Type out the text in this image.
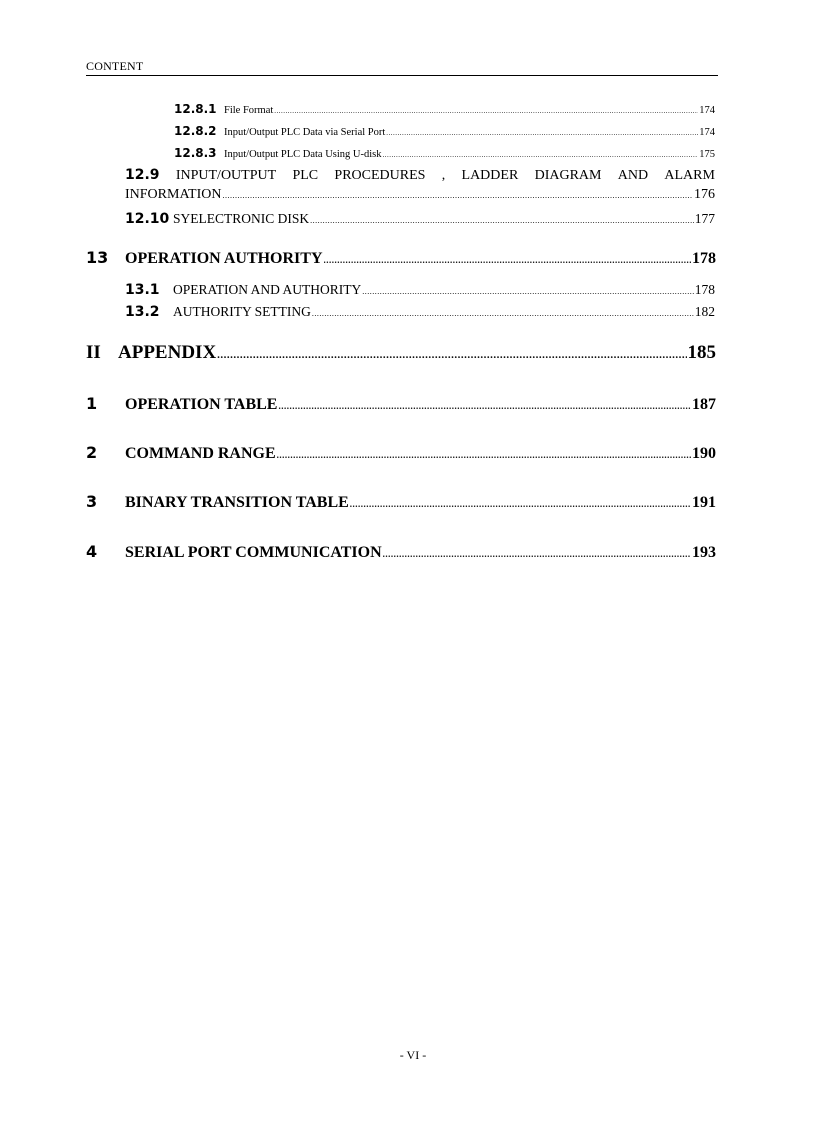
CONTENT
12.8.1 File Format .....	174
12.8.2 Input/Output PLC Data via Serial Port .....	174
12.8.3 Input/Output PLC Data Using U-disk .....	175
12.9 INPUT/OUTPUT PLC PROCEDURES , LADDER DIAGRAM AND ALARM
INFORMATION .....	176
12.10 SYELECTRONIC DISK .....	177
13	OPERATION AUTHORITY .....	178
13.1 OPERATION AND AUTHORITY .....	178
13.2 AUTHORITY SETTING .....	182
II APPENDIX .....	185
1	OPERATION TABLE .....	187
2	COMMAND RANGE .....	190
3	BINARY TRANSITION TABLE .....	191
4	SERIAL PORT COMMUNICATION .....	193
- VI -
